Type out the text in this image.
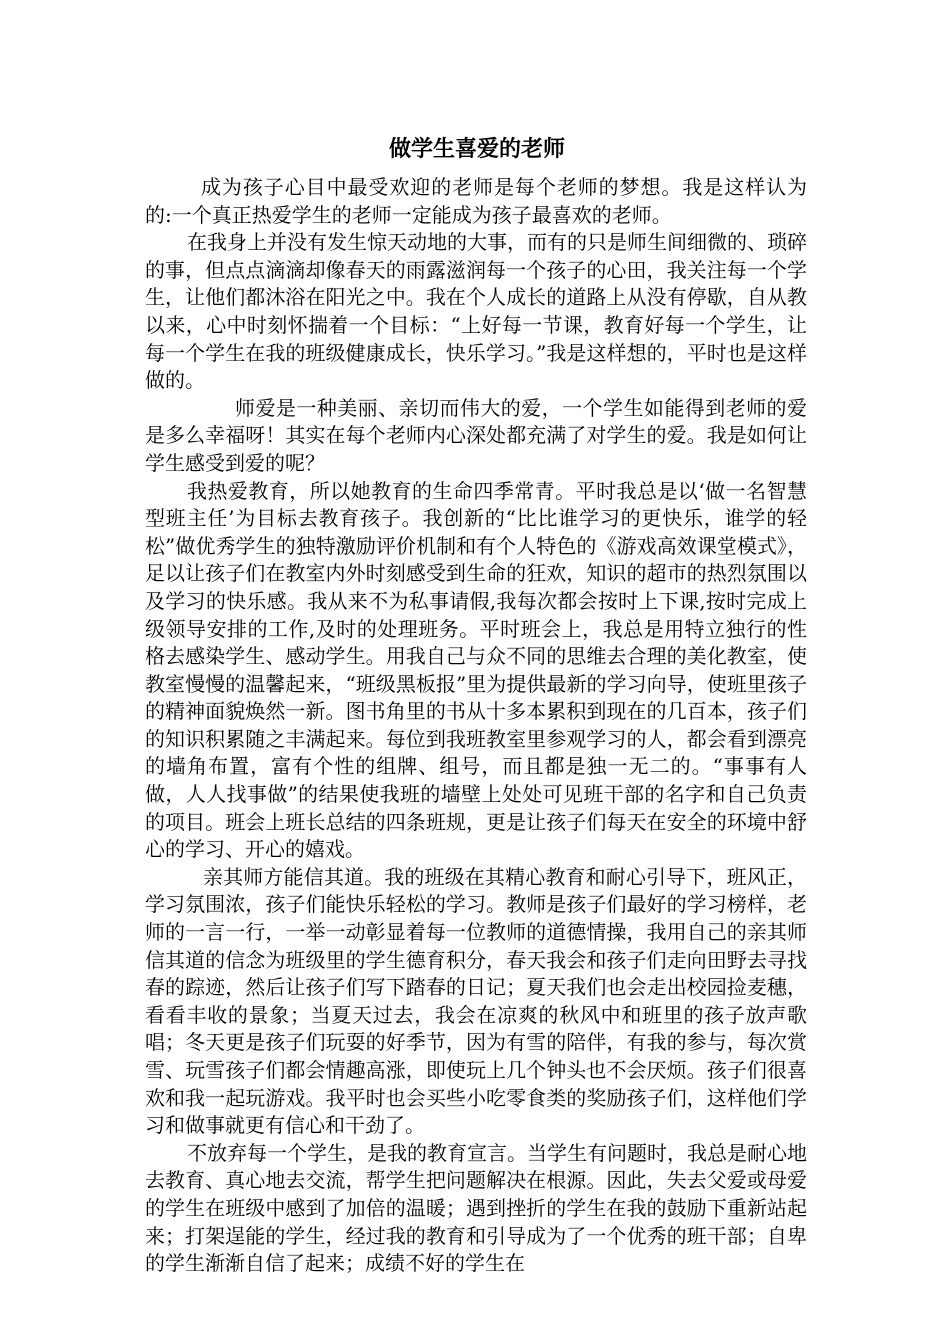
做学生喜爱的老师

成为孩子心目中最受欢迎的老师是每个老师的梦想。我是这样认为的:一个真正热爱学生的老师一定能成为孩子最喜欢的老师。

在我身上并没有发生惊天动地的大事，而有的只是师生间细微的、琐碎的事，但点点滴滴却像春天的雨露滋润每一个孩子的心田，我关注每一个学生，让他们都沐浴在阳光之中。我在个人成长的道路上从没有停歇，自从教以来，心中时刻怀揣着一个目标：“上好每一节课，教育好每一个学生，让每一个学生在我的班级健康成长，快乐学习。”我是这样想的，平时也是这样做的。

师爱是一种美丽、亲切而伟大的爱，一个学生如能得到老师的爱是多么幸福呀！其实在每个老师内心深处都充满了对学生的爱。我是如何让学生感受到爱的呢？

我热爱教育，所以她教育的生命四季常青。平时我总是以‘做一名智慧型班主任’为目标去教育孩子。我创新的“比比谁学习的更快乐，谁学的轻松”做优秀学生的独特激励评价机制和有个人特色的《游戏高效课堂模式》，足以让孩子们在教室内外时刻感受到生命的狂欢，知识的超市的热烈氛围以及学习的快乐感。我从来不为私事请假,我每次都会按时上下课,按时完成上级领导安排的工作,及时的处理班务。平时班会上，我总是用特立独行的性格去感染学生、感动学生。用我自己与众不同的思维去合理的美化教室，使教室慢慢的温馨起来，“班级黑板报”里为提供最新的学习向导，使班里孩子的精神面貌焕然一新。图书角里的书从十多本累积到现在的几百本，孩子们的知识积累随之丰满起来。每位到我班教室里参观学习的人，都会看到漂亮的墙角布置，富有个性的组牌、组号，而且都是独一无二的。“事事有人做，人人找事做”的结果使我班的墙壁上处处可见班干部的名字和自己负责的项目。班会上班长总结的四条班规，更是让孩子们每天在安全的环境中舒心的学习、开心的嬉戏。

亲其师方能信其道。我的班级在其精心教育和耐心引导下，班风正，学习氛围浓，孩子们能快乐轻松的学习。教师是孩子们最好的学习榜样，老师的一言一行，一举一动彰显着每一位教师的道德情操，我用自己的亲其师信其道的信念为班级里的学生德育积分，春天我会和孩子们走向田野去寻找春的踪迹，然后让孩子们写下踏春的日记；夏天我们也会走出校园捡麦穗，看看丰收的景象；当夏天过去，我会在凉爽的秋风中和班里的孩子放声歌唱；冬天更是孩子们玩耍的好季节，因为有雪的陪伴，有我的参与，每次赏雪、玩雪孩子们都会情趣高涨，即使玩上几个钟头也不会厌烦。孩子们很喜欢和我一起玩游戏。我平时也会买些小吃零食类的奖励孩子们，这样他们学习和做事就更有信心和干劲了。

不放弃每一个学生，是我的教育宣言。当学生有问题时，我总是耐心地去教育、真心地去交流，帮学生把问题解决在根源。因此，失去父爱或母爱的学生在班级中感到了加倍的温暖；遇到挫折的学生在我的鼓励下重新站起来；打架逞能的学生，经过我的教育和引导成为了一个优秀的班干部；自卑的学生渐渐自信了起来；成绩不好的学生在
